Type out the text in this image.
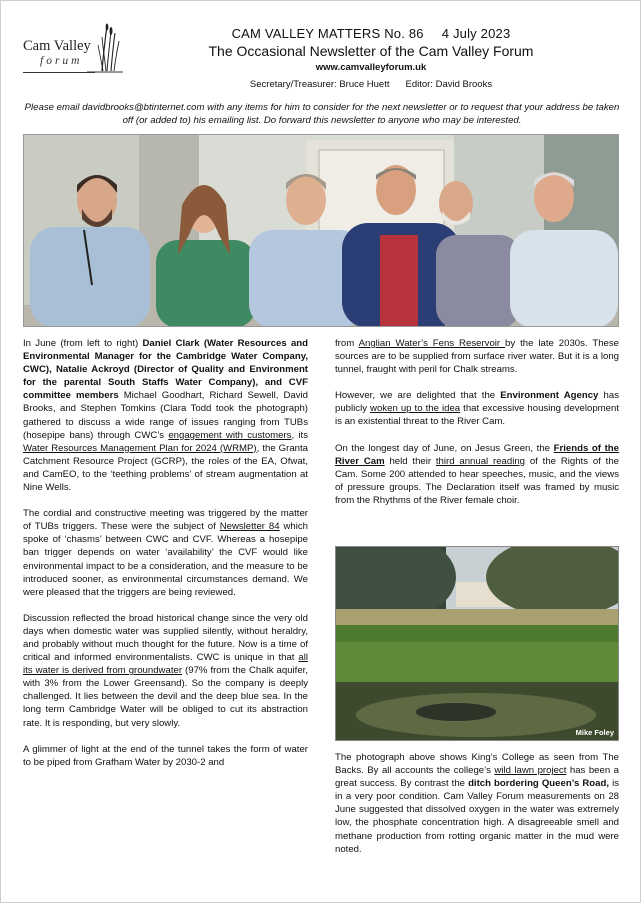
Cam Valley
forum
CAM VALLEY MATTERS No. 86 4 July 2023
The Occasional Newsletter of the Cam Valley Forum
www.camvalleyforum.uk
Secretary/Treasurer: Bruce Huett Editor: David Brooks
Please email davidbrooks@btinternet.com with any items for him to consider for the next newsletter or to request that your address be taken off (or added to) his emailing list. Do forward this newsletter to anyone who may be interested.

In June (from left to right) Daniel Clark (Water Resources and Environmental Manager for the Cambridge Water Company, CWC), Natalie Ackroyd (Director of Quality and Environment for the parental South Staffs Water Company), and CVF committee members Michael Goodhart, Richard Sewell, David Brooks, and Stephen Tomkins (Clara Todd took the photograph) gathered to discuss a wide range of issues ranging from TUBs (hosepipe bans) through CWC’s engagement with customers, its Water Resources Management Plan for 2024 (WRMP), the Granta Catchment Resource Project (GCRP), the roles of the EA, Ofwat, and CamEO, to the ‘teething problems’ of stream augmentation at Nine Wells.

The cordial and constructive meeting was triggered by the matter of TUBs triggers. These were the subject of Newsletter 84 which spoke of ‘chasms’ between CWC and CVF. Whereas a hosepipe ban trigger depends on water ‘availability’ the CVF would like environmental impact to be a consideration, and the measure to be introduced sooner, as environmental circumstances demand. We were pleased that the triggers are being reviewed.

Discussion reflected the broad historical change since the very old days when domestic water was supplied silently, without heraldry, and probably without much thought for the future. Now is a time of critical and informed environmentalists. CWC is unique in that all its water is derived from groundwater (97% from the Chalk aquifer, with 3% from the Lower Greensand). So the company is deeply challenged. It lies between the devil and the deep blue sea. In the long term Cambridge Water will be obliged to cut its abstraction rate. It is responding, but very slowly.

A glimmer of light at the end of the tunnel takes the form of water to be piped from Grafham Water by 2030-2 and

from Anglian Water’s Fens Reservoir by the late 2030s. These sources are to be supplied from surface river water. But it is a long tunnel, fraught with peril for Chalk streams.

However, we are delighted that the Environment Agency has publicly woken up to the idea that excessive housing development is an existential threat to the River Cam.

On the longest day of June, on Jesus Green, the Friends of the River Cam held their third annual reading of the Rights of the Cam. Some 200 attended to hear speeches, music, and the views of pressure groups. The Declaration itself was framed by music from the Rhythms of the River female choir.

Mike Foley

The photograph above shows King’s College as seen from The Backs. By all accounts the college’s wild lawn project has been a great success. By contrast the ditch bordering Queen’s Road, is in a very poor condition. Cam Valley Forum measurements on 28 June suggested that dissolved oxygen in the water was extremely low, the phosphate concentration high. A disagreeable smell and methane production from rotting organic matter in the mud were noted.
